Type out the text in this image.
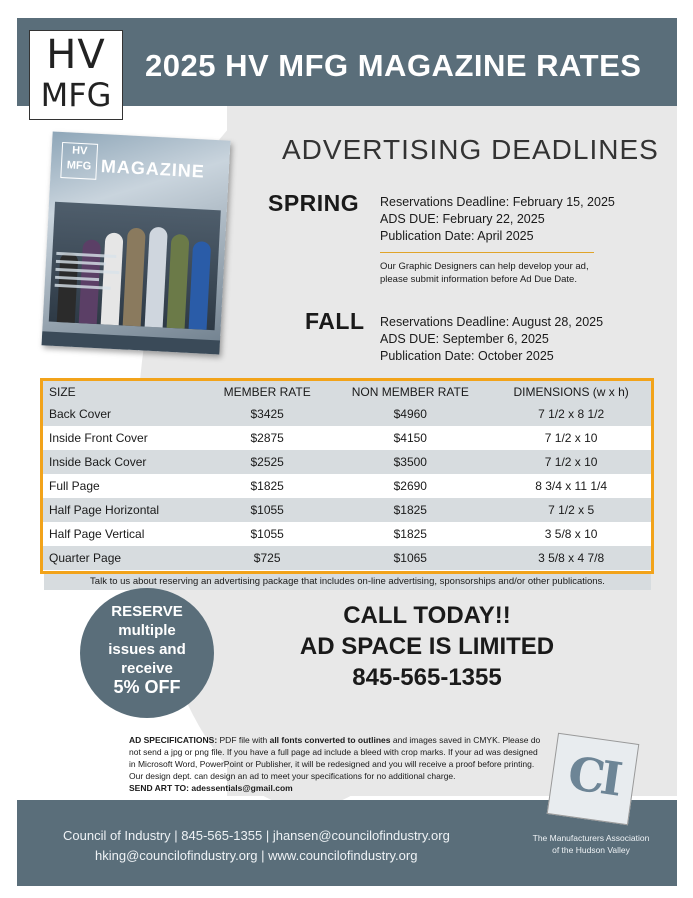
2025 HV MFG MAGAZINE RATES
HV
MFG
HV MFG MAGAZINE
ADVERTISING DEADLINES
SPRING Reservations Deadline: February 15, 2025
ADS DUE: February 22, 2025
Publication Date: April 2025
Our Graphic Designers can help develop your ad,
please submit information before Ad Due Date.
FALL Reservations Deadline: August 28, 2025
ADS DUE: September 6, 2025
Publication Date: October 2025
SIZE	MEMBER RATE	NON MEMBER RATE	DIMENSIONS (w x h)
Back Cover	$3425	$4960	7 1/2 x 8 1/2
Inside Front Cover	$2875	$4150	7 1/2 x 10
Inside Back Cover	$2525	$3500	7 1/2 x 10
Full Page	$1825	$2690	8 3/4 x 11 1/4
Half Page Horizontal	$1055	$1825	7 1/2 x 5
Half Page Vertical	$1055	$1825	3 5/8 x 10
Quarter Page	$725	$1065	3 5/8 x 4 7/8
Talk to us about reserving an advertising package that includes on-line advertising, sponsorships and/or other publications.
RESERVE
multiple
issues and
receive
5% OFF
CALL TODAY!!
AD SPACE IS LIMITED
845-565-1355
AD SPECIFICATIONS: PDF file with all fonts converted to outlines and images saved in CMYK. Please do not send a jpg or png file. If you have a full page ad include a bleed with crop marks. If your ad was designed in Microsoft Word, PowerPoint or Publisher, it will be redesigned and you will receive a proof before printing. Our design dept. can design an ad to meet your specifications for no additional charge.
SEND ART TO: adessentials@gmail.com	CI
Council of Industry | 845-565-1355 | jhansen@councilofindustry.org
hking@councilofindustry.org | www.councilofindustry.org
The Manufacturers Association
of the Hudson Valley
